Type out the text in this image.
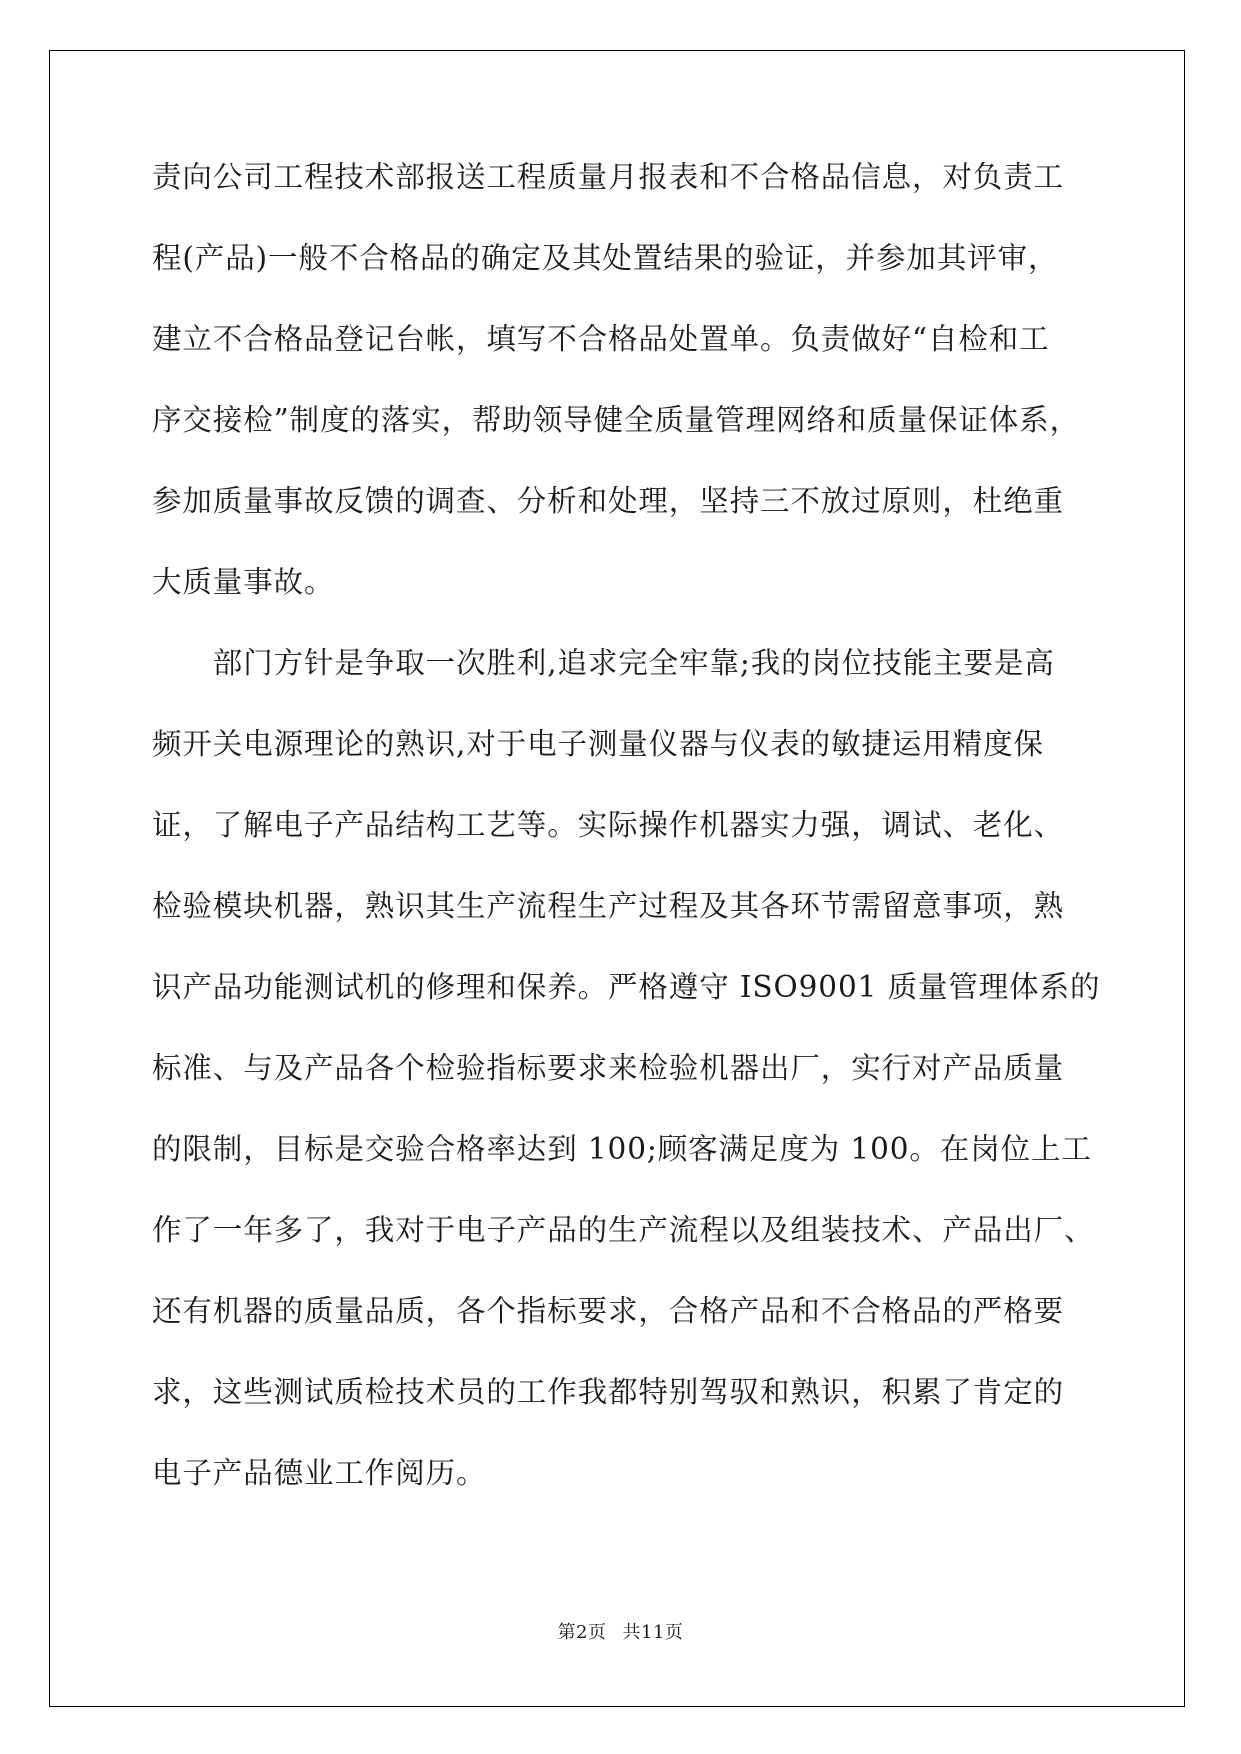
责向公司工程技术部报送工程质量月报表和不合格品信息，对负责工
程(产品)一般不合格品的确定及其处置结果的验证，并参加其评审，
建立不合格品登记台帐，填写不合格品处置单。负责做好“自检和工
序交接检”制度的落实，帮助领导健全质量管理网络和质量保证体系，
参加质量事故反馈的调查、分析和处理，坚持三不放过原则，杜绝重
大质量事故。
　　部门方针是争取一次胜利,追求完全牢靠;我的岗位技能主要是高
频开关电源理论的熟识,对于电子测量仪器与仪表的敏捷运用精度保
证，了解电子产品结构工艺等。实际操作机器实力强，调试、老化、
检验模块机器，熟识其生产流程生产过程及其各环节需留意事项，熟
识产品功能测试机的修理和保养。严格遵守 ISO9001 质量管理体系的
标准、与及产品各个检验指标要求来检验机器出厂，实行对产品质量
的限制，目标是交验合格率达到 100;顾客满足度为 100。在岗位上工
作了一年多了，我对于电子产品的生产流程以及组装技术、产品出厂、
还有机器的质量品质，各个指标要求，合格产品和不合格品的严格要
求，这些测试质检技术员的工作我都特别驾驭和熟识，积累了肯定的
电子产品德业工作阅历。
第2页 共11页
